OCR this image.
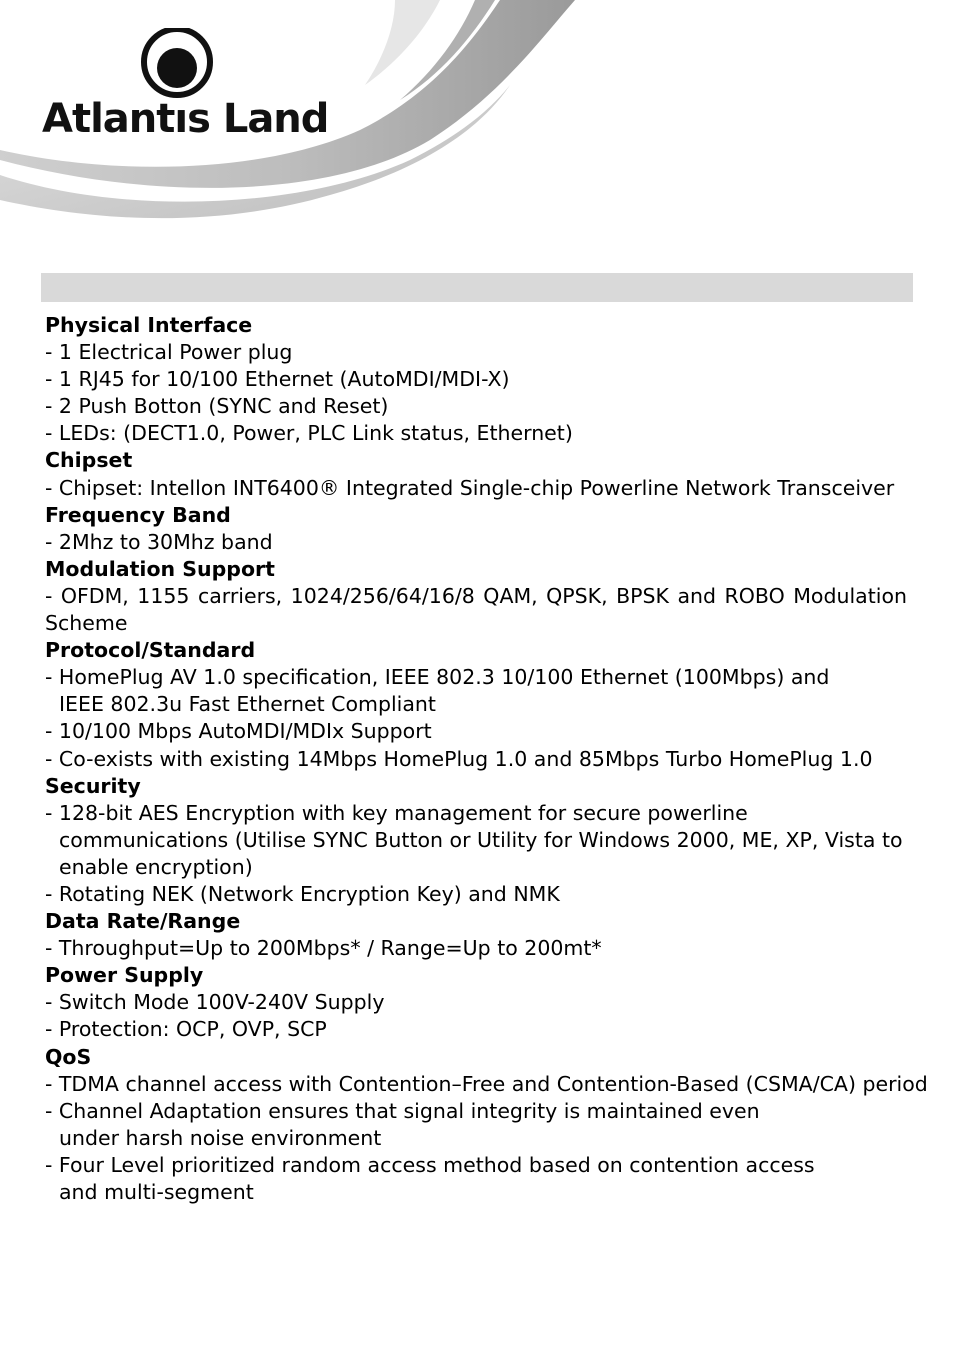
Atlantıs Land
Physical Interface
- 1 Electrical Power plug
- 1 RJ45 for 10/100 Ethernet (AutoMDI/MDI-X)
- 2 Push Botton (SYNC and Reset)
- LEDs: (DECT1.0, Power, PLC Link status, Ethernet)
Chipset
- Chipset: Intellon INT6400® Integrated Single-chip Powerline Network Transceiver
Frequency Band
- 2Mhz to 30Mhz band
Modulation Support
- OFDM, 1155 carriers, 1024/256/64/16/8 QAM, QPSK, BPSK and ROBO Modulation Scheme
Protocol/Standard
- HomePlug AV 1.0 specification, IEEE 802.3 10/100 Ethernet (100Mbps) and
IEEE 802.3u Fast Ethernet Compliant
- 10/100 Mbps AutoMDI/MDIx Support
- Co-exists with existing 14Mbps HomePlug 1.0 and 85Mbps Turbo HomePlug 1.0
Security
- 128-bit AES Encryption with key management for secure powerline
communications (Utilise SYNC Button or Utility for Windows 2000, ME, XP, Vista to
enable encryption)
- Rotating NEK (Network Encryption Key) and NMK
Data Rate/Range
- Throughput=Up to 200Mbps* / Range=Up to 200mt*
Power Supply
- Switch Mode 100V-240V Supply
- Protection: OCP, OVP, SCP
QoS
- TDMA channel access with Contention–Free and Contention-Based (CSMA/CA) period
- Channel Adaptation ensures that signal integrity is maintained even
under harsh noise environment
- Four Level prioritized random access method based on contention access
and multi-segment
